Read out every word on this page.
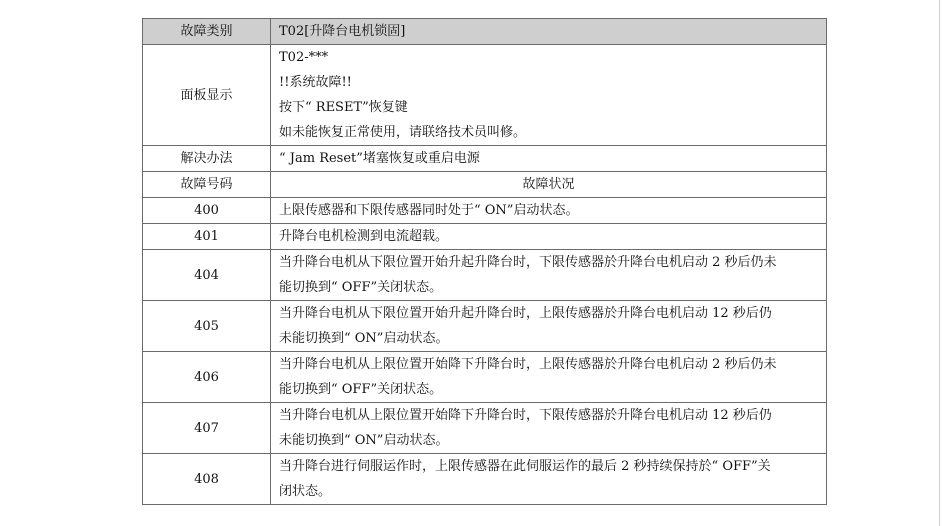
故障类别	T02[升降台电机锁固]
面板显示	T02-***
!!系统故障!!
按下“ RESET”恢复键
如未能恢复正常使用，请联络技术员叫修。

解决办法	“ Jam Reset”堵塞恢复或重启电源
故障号码	故障状况
400	上限传感器和下限传感器同时处于“ ON”启动状态。

401	升降台电机检测到电流超载。

404	当升降台电机从下限位置开始升起升降台时，下限传感器於升降台电机启动 2 秒后仍未
能切换到“ OFF”关闭状态。

405	当升降台电机从下限位置开始升起升降台时，上限传感器於升降台电机启动 12 秒后仍
未能切换到“ ON”启动状态。

406	当升降台电机从上限位置开始降下升降台时，上限传感器於升降台电机启动 2 秒后仍未
能切换到“ OFF”关闭状态。

407	当升降台电机从上限位置开始降下升降台时，下限传感器於升降台电机启动 12 秒后仍
未能切换到“ ON”启动状态。

408	当升降台进行伺服运作时，上限传感器在此伺服运作的最后 2 秒持续保持於“ OFF”关
闭状态。
